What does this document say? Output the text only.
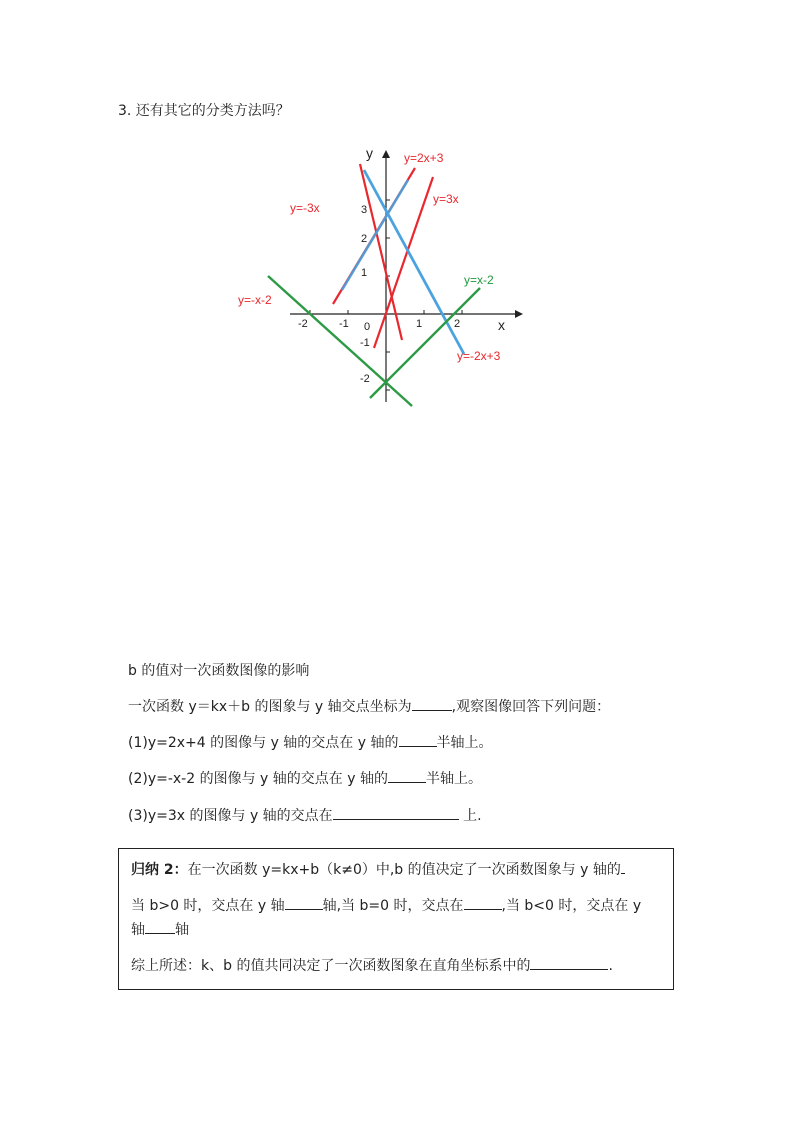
3. 还有其它的分类方法吗？
y
x
0
-2	-1	1	2
3
2
1
-1
-2
y=2x+3
y=3x
y=-3x
y=x-2
y=-x-2
y=-2x+3
b 的值对一次函数图像的影响
一次函数 y＝kx＋b 的图象与 y 轴交点坐标为	,观察图像回答下列问题：
(1)y=2x+4 的图像与 y 轴的交点在 y 轴的	半轴上。
(2)y=-x-2 的图像与 y 轴的交点在 y 轴的	半轴上。
(3)y=3x 的图像与 y 轴的交点在	上.
归纳 2：在一次函数 y=kx+b（k≠0）中,b 的值决定了一次函数图象与 y 轴的
当 b>0 时，交点在 y 轴	轴,当 b=0 时，交点在	,当 b<0 时，交点在 y
轴 轴
综上所述：k、b 的值共同决定了一次函数图象在直角坐标系中的	.
